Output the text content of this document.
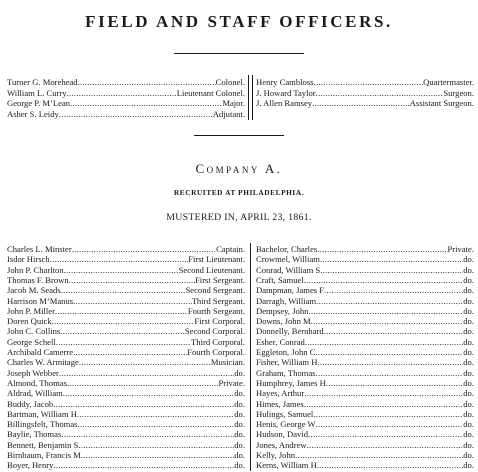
FIELD AND STAFF OFFICERS.
Turner G. Morehead .....	Colonel.
William L. Curry .....	Lieutenant Colonel.
George P. M’Lean .....	Major.
Asher S. Leidy .....	Adjutant.
Henry Cambloss .....	Quartermaster.
J. Howard Taylor .....	Surgeon.
J. Allen Ramsey .....	Assistant Surgeon.
Company A.
RECRUITED AT PHILADELPHIA.
MUSTERED IN, APRIL 23, 1861.
Charles L. Minster .....	Captain.
Isdor Hirsch .....	First Lieutenant.
John P. Charlton .....	Second Lieutenant.
Thomas F. Brown .....	First Sergeant.
Jacob M. Seads .....	Second Sergeant.
Harrison M’Manus .....	Third Sergeant.
John P. Miller .....	Fourth Sergeant.
Doren Quick .....	First Corporal.
John C. Collins .....	Second Corporal.
George Schell .....	Third Corporal.
Archibald Camerre .....	Fourth Corporal.
Charles W. Armitage .....	Musician.
Joseph Webber .....	do.
Almond, Thomas .....	Private.
Aldrad, William .....	do.
Buddy, Jacob .....	do.
Bartman, William H .....	do.
Billingsfelt, Thomas .....	do.
Baylie, Thomas .....	do.
Bennett, Benjamin S .....	do.
Birnbaum, Francis M .....	do.
Boyer, Henry .....	do.
Bachelor, Charles .....	Private.
Crowmel, William .....	do.
Conrad, William S .....	do.
Craft, Samuel .....	do.
Dampman, James F .....	do.
Darragh, William .....	do.
Dempsey, John .....	do.
Downs, John M .....	do.
Donnelly, Bernhard .....	do.
Esher, Conrad .....	do.
Eggleton, John C .....	do.
Fisher, William H .....	do.
Graham, Thomas .....	do.
Humphrey, James H .....	do.
Hayes, Arthur .....	do.
Himes, James .....	do.
Hulings, Samuel .....	do.
Henis, George W .....	do.
Hudson, David .....	do.
Jones, Andrew .....	do.
Kelly, John .....	do.
Kerns, William H .....	do.
